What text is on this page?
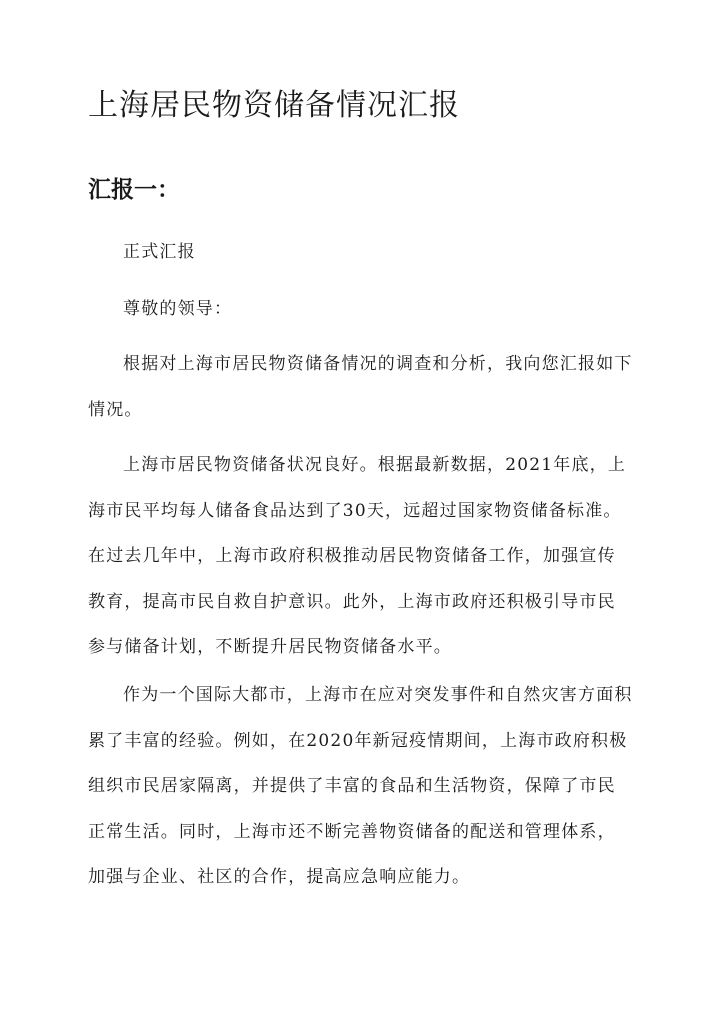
上海居民物资储备情况汇报
汇报一：

正式汇报

尊敬的领导：

根据对上海市居民物资储备情况的调查和分析，我向您汇报如下情况。

上海市居民物资储备状况良好。根据最新数据，2021年底，上海市民平均每人储备食品达到了30天，远超过国家物资储备标准。在过去几年中，上海市政府积极推动居民物资储备工作，加强宣传教育，提高市民自救自护意识。此外，上海市政府还积极引导市民参与储备计划，不断提升居民物资储备水平。

作为一个国际大都市，上海市在应对突发事件和自然灾害方面积累了丰富的经验。例如，在2020年新冠疫情期间，上海市政府积极组织市民居家隔离，并提供了丰富的食品和生活物资，保障了市民正常生活。同时，上海市还不断完善物资储备的配送和管理体系，加强与企业、社区的合作，提高应急响应能力。
